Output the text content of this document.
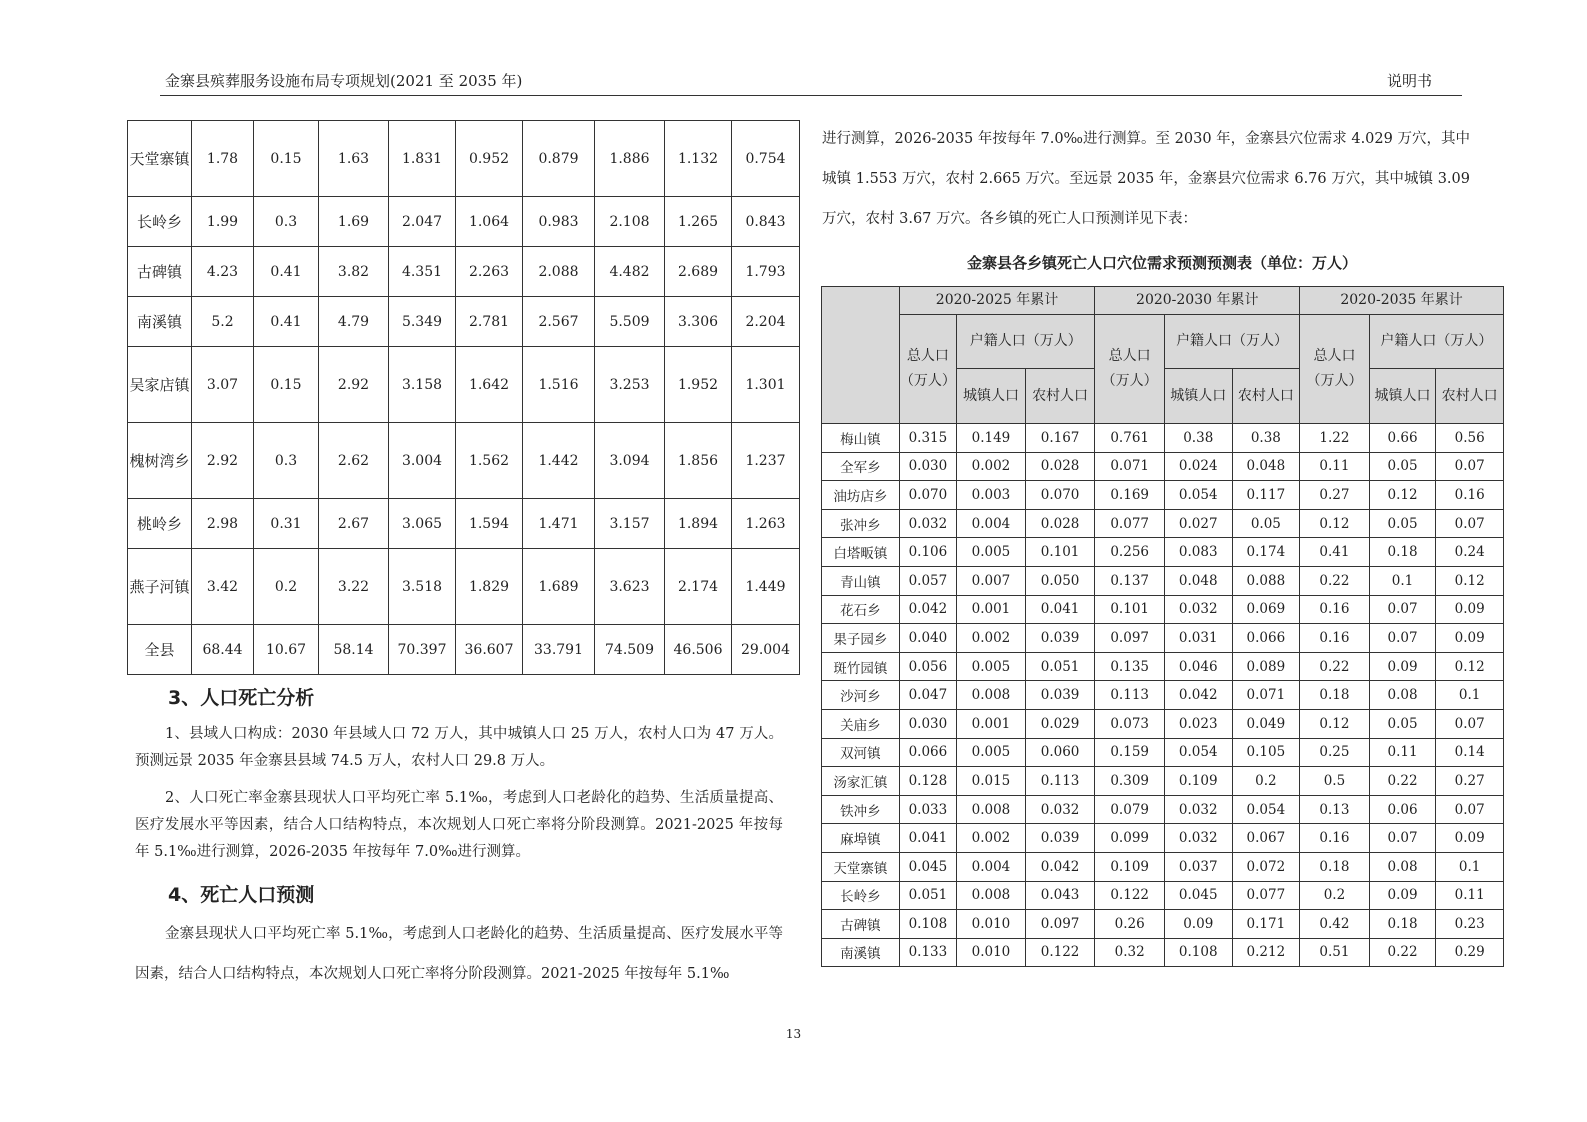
金寨县殡葬服务设施布局专项规划(2021 至 2035 年)	说明书
天堂寨镇	1.78	0.15	1.63	1.831	0.952	0.879	1.886	1.132	0.754
长岭乡	1.99	0.3	1.69	2.047	1.064	0.983	2.108	1.265	0.843
古碑镇	4.23	0.41	3.82	4.351	2.263	2.088	4.482	2.689	1.793
南溪镇	5.2	0.41	4.79	5.349	2.781	2.567	5.509	3.306	2.204
吴家店镇	3.07	0.15	2.92	3.158	1.642	1.516	3.253	1.952	1.301
槐树湾乡	2.92	0.3	2.62	3.004	1.562	1.442	3.094	1.856	1.237
桃岭乡	2.98	0.31	2.67	3.065	1.594	1.471	3.157	1.894	1.263
燕子河镇	3.42	0.2	3.22	3.518	1.829	1.689	3.623	2.174	1.449
全县	68.44	10.67	58.14	70.397	36.607	33.791	74.509	46.506	29.004
3、人口死亡分析
1、县域人口构成：2030 年县域人口 72 万人，其中城镇人口 25 万人，农村人口为 47 万人。预测远景 2035 年金寨县县域 74.5 万人，农村人口 29.8 万人。
2、人口死亡率金寨县现状人口平均死亡率 5.1‰，考虑到人口老龄化的趋势、生活质量提高、医疗发展水平等因素，结合人口结构特点，本次规划人口死亡率将分阶段测算。2021-2025 年按每年 5.1‰进行测算，2026-2035 年按每年 7.0‰进行测算。
4、死亡人口预测
金寨县现状人口平均死亡率 5.1‰，考虑到人口老龄化的趋势、生活质量提高、医疗发展水平等因素，结合人口结构特点，本次规划人口死亡率将分阶段测算。2021-2025 年按每年 5.1‰
进行测算，2026-2035 年按每年 7.0‰进行测算。至 2030 年，金寨县穴位需求 4.029 万穴，其中城镇 1.553 万穴，农村 2.665 万穴。至远景 2035 年，金寨县穴位需求 6.76 万穴，其中城镇 3.09 万穴，农村 3.67 万穴。各乡镇的死亡人口预测详见下表：
金寨县各乡镇死亡人口穴位需求预测预测表（单位：万人）
	2020-2025 年累计			2020-2030 年累计			2020-2035 年累计		
	总人口（万人）	户籍人口（万人）		总人口（万人）	户籍人口（万人）		总人口（万人）	户籍人口（万人）	
		城镇人口	农村人口		城镇人口	农村人口		城镇人口	农村人口
梅山镇	0.315	0.149	0.167	0.761	0.38	0.38	1.22	0.66	0.56
全军乡	0.030	0.002	0.028	0.071	0.024	0.048	0.11	0.05	0.07
油坊店乡	0.070	0.003	0.070	0.169	0.054	0.117	0.27	0.12	0.16
张冲乡	0.032	0.004	0.028	0.077	0.027	0.05	0.12	0.05	0.07
白塔畈镇	0.106	0.005	0.101	0.256	0.083	0.174	0.41	0.18	0.24
青山镇	0.057	0.007	0.050	0.137	0.048	0.088	0.22	0.1	0.12
花石乡	0.042	0.001	0.041	0.101	0.032	0.069	0.16	0.07	0.09
果子园乡	0.040	0.002	0.039	0.097	0.031	0.066	0.16	0.07	0.09
斑竹园镇	0.056	0.005	0.051	0.135	0.046	0.089	0.22	0.09	0.12
沙河乡	0.047	0.008	0.039	0.113	0.042	0.071	0.18	0.08	0.1
关庙乡	0.030	0.001	0.029	0.073	0.023	0.049	0.12	0.05	0.07
双河镇	0.066	0.005	0.060	0.159	0.054	0.105	0.25	0.11	0.14
汤家汇镇	0.128	0.015	0.113	0.309	0.109	0.2	0.5	0.22	0.27
铁冲乡	0.033	0.008	0.032	0.079	0.032	0.054	0.13	0.06	0.07
麻埠镇	0.041	0.002	0.039	0.099	0.032	0.067	0.16	0.07	0.09
天堂寨镇	0.045	0.004	0.042	0.109	0.037	0.072	0.18	0.08	0.1
长岭乡	0.051	0.008	0.043	0.122	0.045	0.077	0.2	0.09	0.11
古碑镇	0.108	0.010	0.097	0.26	0.09	0.171	0.42	0.18	0.23
南溪镇	0.133	0.010	0.122	0.32	0.108	0.212	0.51	0.22	0.29
13
